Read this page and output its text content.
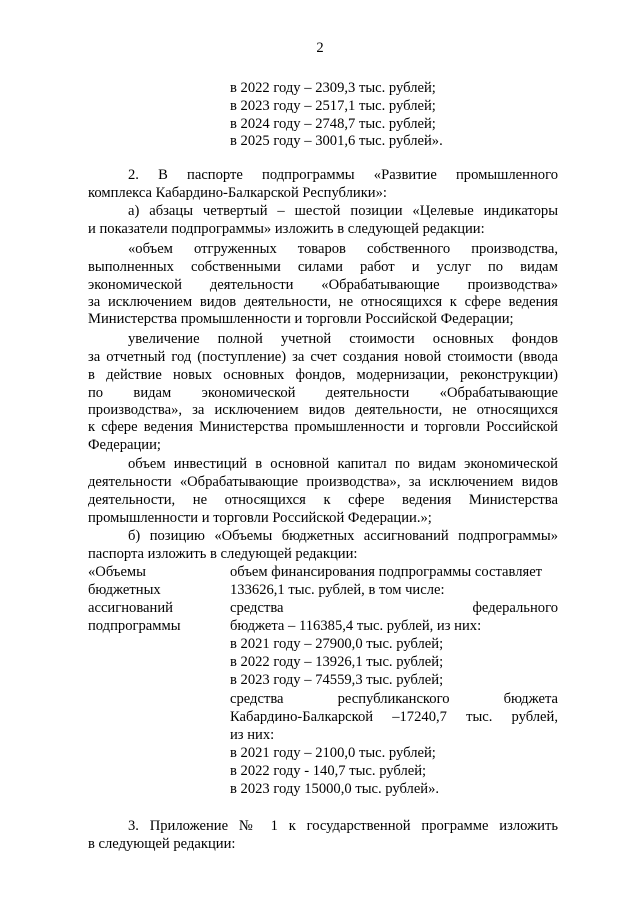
2
в 2022 году – 2309,3 тыс. рублей;
в 2023 году – 2517,1 тыс. рублей;
в 2024 году – 2748,7 тыс. рублей;
в 2025 году – 3001,6 тыс. рублей».
2. В паспорте подпрограммы «Развитие промышленного
комплекса Кабардино-Балкарской Республики»:
а) абзацы четвертый – шестой позиции «Целевые индикаторы
и показатели подпрограммы» изложить в следующей редакции:
«объем отгруженных товаров собственного производства,
выполненных собственными силами работ и услуг по видам
экономической деятельности «Обрабатывающие производства»
за исключением видов деятельности, не относящихся к сфере ведения
Министерства промышленности и торговли Российской Федерации;
увеличение полной учетной стоимости основных фондов
за отчетный год (поступление) за счет создания новой стоимости (ввода
в действие новых основных фондов, модернизации, реконструкции)
по видам экономической деятельности «Обрабатывающие
производства», за исключением видов деятельности, не относящихся
к сфере ведения Министерства промышленности и торговли Российской
Федерации;
объем инвестиций в основной капитал по видам экономической
деятельности «Обрабатывающие производства», за исключением видов
деятельности, не относящихся к сфере ведения Министерства
промышленности и торговли Российской Федерации.»;
б) позицию «Объемы бюджетных ассигнований подпрограммы»
паспорта изложить в следующей редакции:
«Объемы
бюджетных
ассигнований
подпрограммы
объем финансирования подпрограммы составляет
133626,1 тыс. рублей, в том числе:
средства федерального
бюджета – 116385,4 тыс. рублей, из них:
в 2021 году – 27900,0 тыс. рублей;
в 2022 году – 13926,1 тыс. рублей;
в 2023 году – 74559,3 тыс. рублей;
средства республиканского бюджета
Кабардино-Балкарской –17240,7 тыс. рублей,
из них:
в 2021 году – 2100,0 тыс. рублей;
в 2022 году - 140,7 тыс. рублей;
в 2023 году 15000,0 тыс. рублей».
3. Приложение № 1 к государственной программе изложить
в следующей редакции:
